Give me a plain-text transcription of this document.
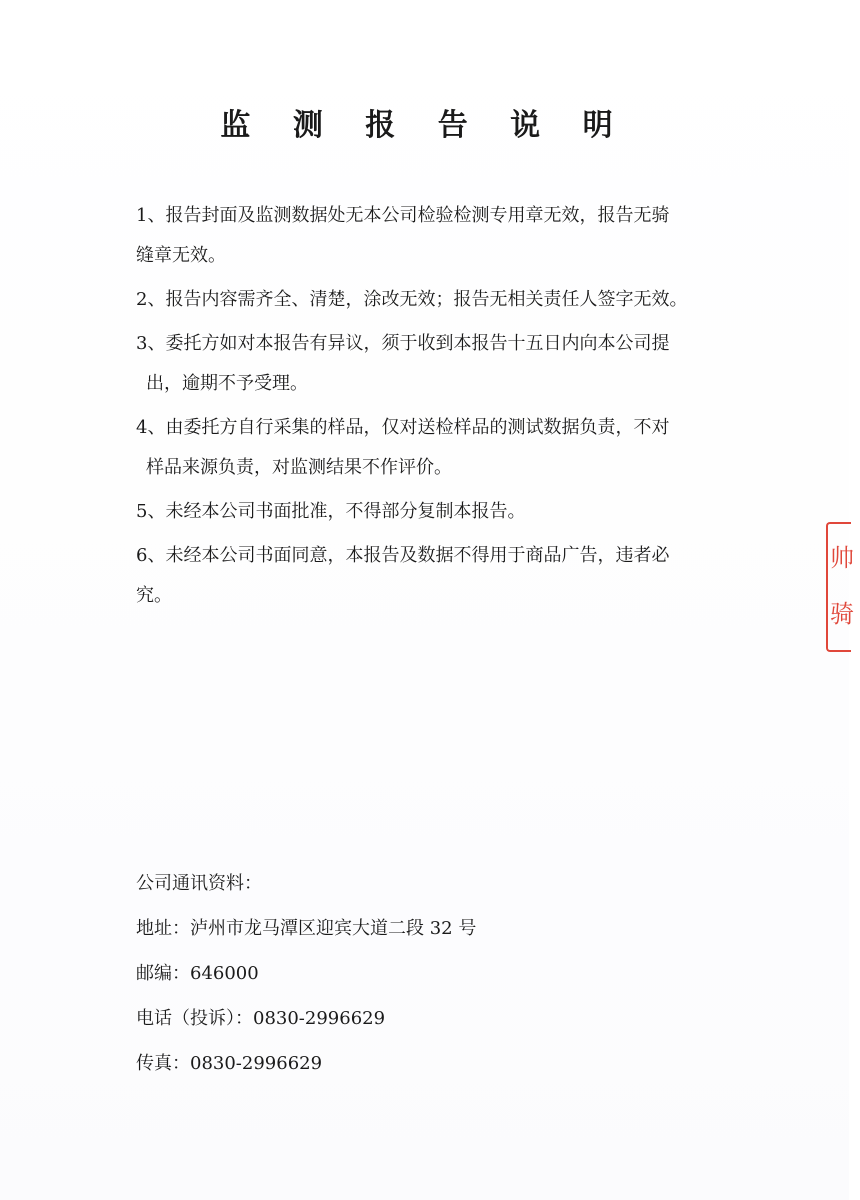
监 测 报 告 说 明
1、报告封面及监测数据处无本公司检验检测专用章无效，报告无骑
缝章无效。
2、报告内容需齐全、清楚，涂改无效；报告无相关责任人签字无效。
3、委托方如对本报告有异议，须于收到本报告十五日内向本公司提
出，逾期不予受理。
4、由委托方自行采集的样品，仅对送检样品的测试数据负责，不对
样品来源负责，对监测结果不作评价。
5、未经本公司书面批准，不得部分复制本报告。
6、未经本公司书面同意，本报告及数据不得用于商品广告，违者必
究。
公司通讯资料：
地址：泸州市龙马潭区迎宾大道二段 32 号
邮编：646000
电话（投诉）：0830-2996629
传真：0830-2996629
帅
骑
